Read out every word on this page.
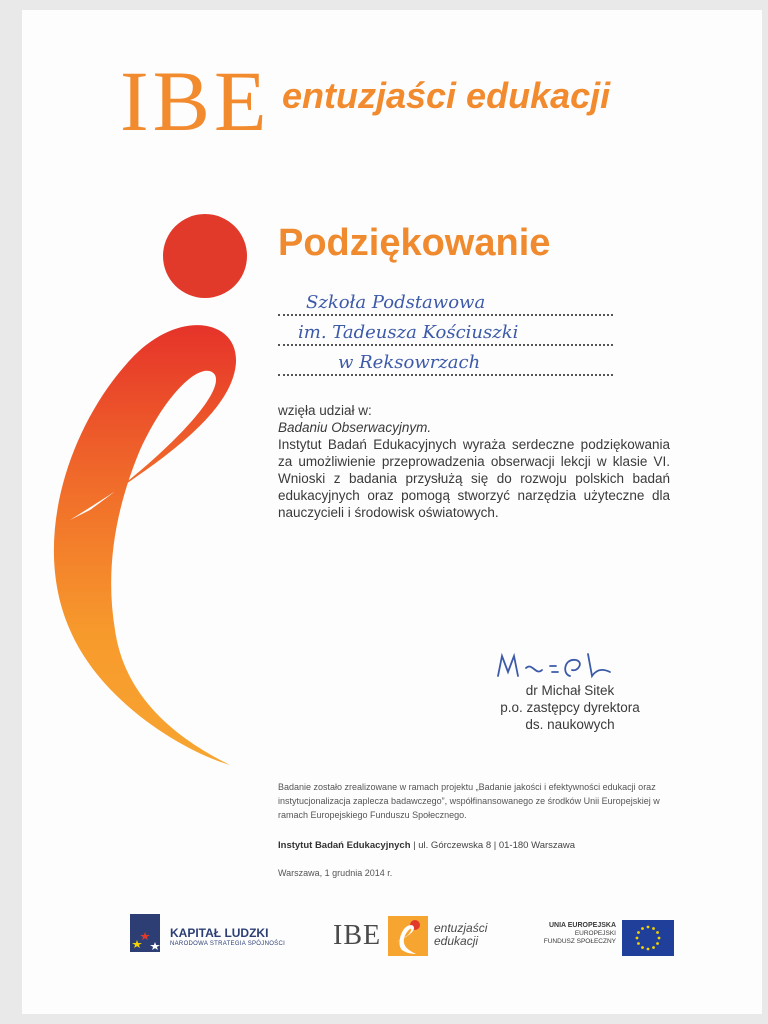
IBE entuzjaści edukacji
Podziękowanie
Szkoła Podstawowa
im. Tadeusza Kościuszki
w Reksowrzach

wzięła udział w:

Badaniu Obserwacyjnym.

Instytut Badań Edukacyjnych wyraża serdeczne podziękowania za umożliwienie przeprowadzenia obserwacji lekcji w klasie VI. Wnioski z badania przysłużą się do rozwoju polskich badań edukacyjnych oraz pomogą stworzyć narzędzia użyteczne dla nauczycieli i środowisk oświatowych.

dr Michał Sitek
p.o. zastępcy dyrektora
ds. naukowych
Badanie zostało zrealizowane w ramach projektu „Badanie jakości i efektywności edukacji oraz instytucjonalizacja zaplecza badawczego”, współfinansowanego ze środków Unii Europejskiej w ramach Europejskiego Funduszu Społecznego.
Instytut Badań Edukacyjnych | ul. Górczewska 8 | 01-180 Warszawa
Warszawa, 1 grudnia 2014 r.
KAPITAŁ LUDZKI
NARODOWA STRATEGIA SPÓJNOŚCI IBE	entuzjaści
edukacji
UNIA EUROPEJSKA
EUROPEJSKI
FUNDUSZ SPOŁECZNY
